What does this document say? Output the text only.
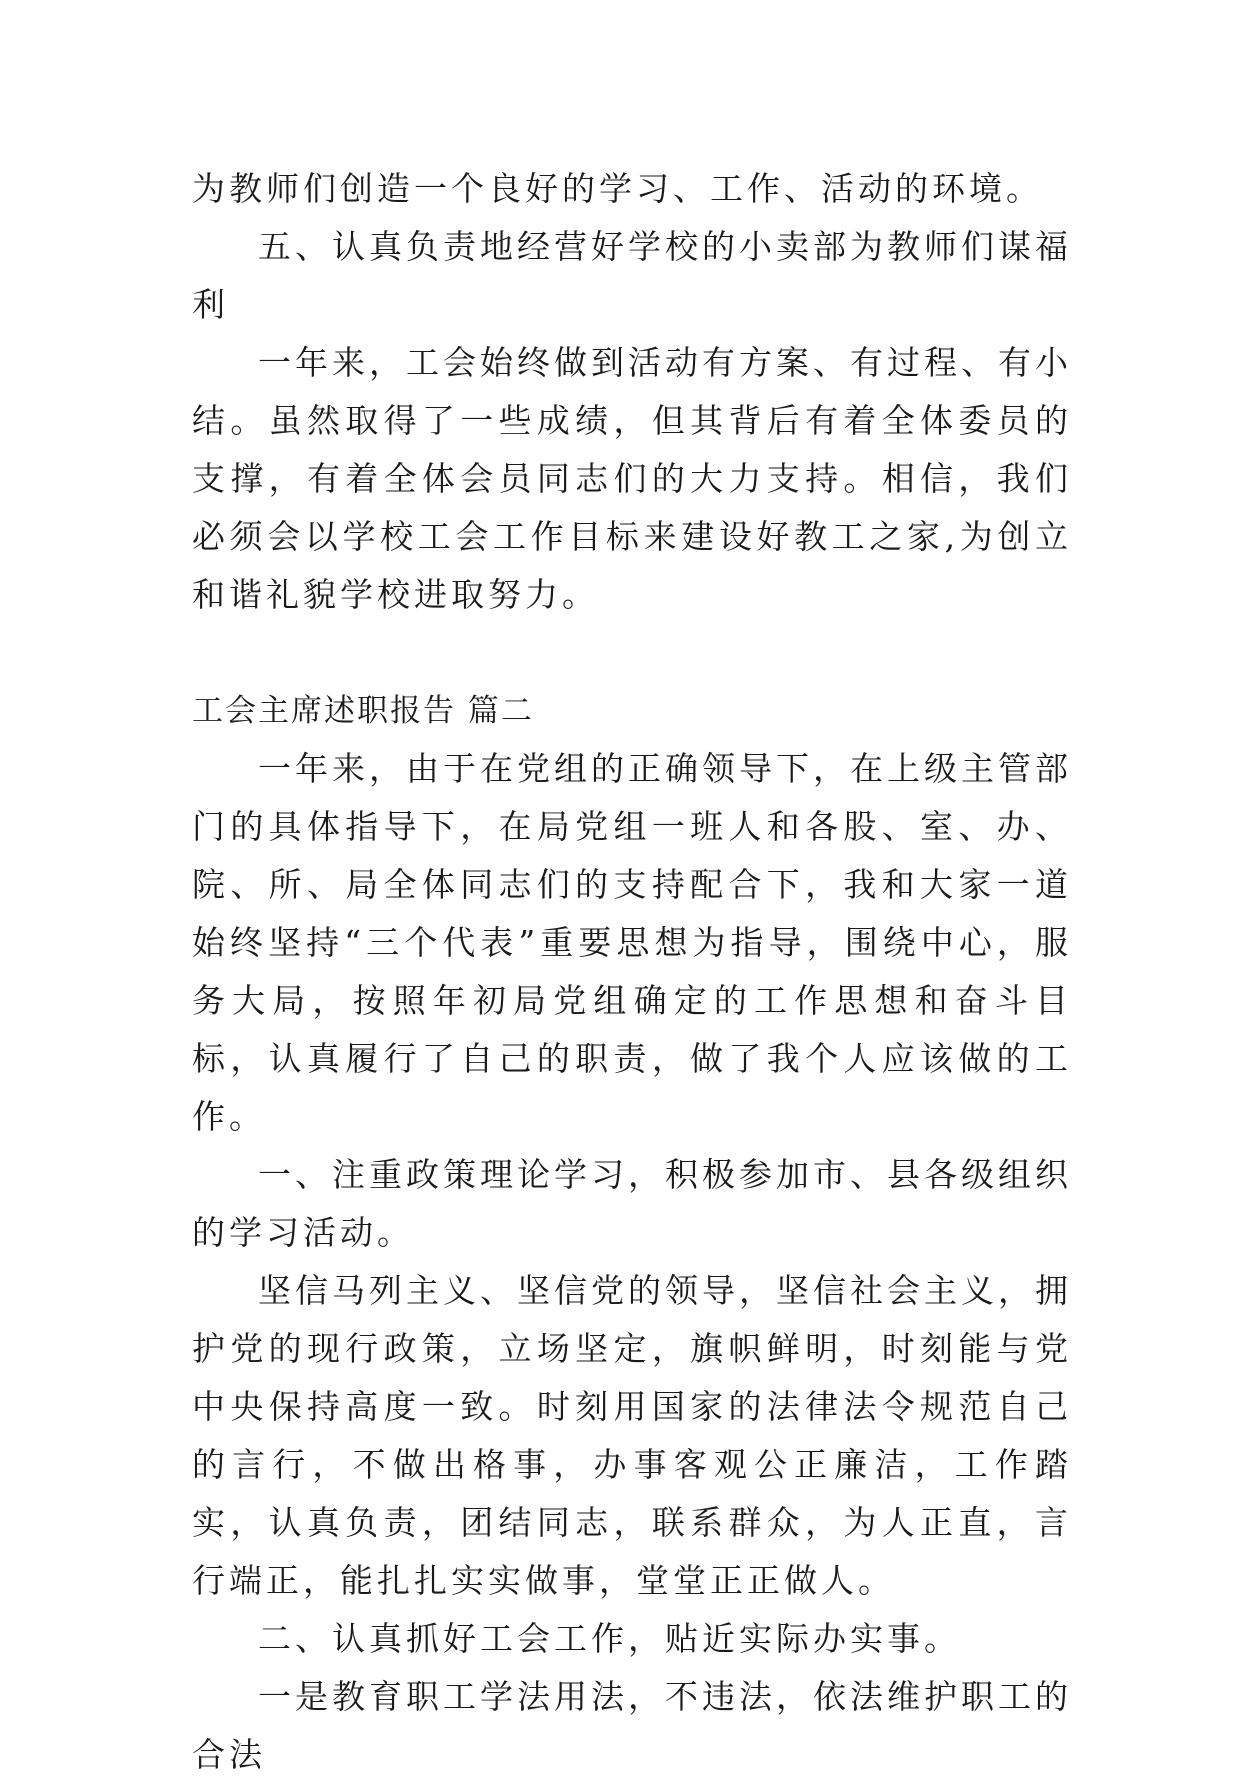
为教师们创造一个良好的学习、工作、活动的环境。

五、认真负责地经营好学校的小卖部为教师们谋福利

一年来，工会始终做到活动有方案、有过程、有小结。虽然取得了一些成绩，但其背后有着全体委员的支撑，有着全体会员同志们的大力支持。相信，我们必须会以学校工会工作目标来建设好教工之家,为创立和谐礼貌学校进取努力。

工会主席述职报告 篇二

一年来，由于在党组的正确领导下，在上级主管部门的具体指导下，在局党组一班人和各股、室、办、院、所、局全体同志们的支持配合下，我和大家一道始终坚持“三个代表”重要思想为指导，围绕中心，服务大局，按照年初局党组确定的工作思想和奋斗目标，认真履行了自己的职责，做了我个人应该做的工作。

一、注重政策理论学习，积极参加市、县各级组织的学习活动。

坚信马列主义、坚信党的领导，坚信社会主义，拥护党的现行政策，立场坚定，旗帜鲜明，时刻能与党中央保持高度一致。时刻用国家的法律法令规范自己的言行，不做出格事，办事客观公正廉洁，工作踏实，认真负责，团结同志，联系群众，为人正直，言行端正，能扎扎实实做事，堂堂正正做人。

二、认真抓好工会工作，贴近实际办实事。

一是教育职工学法用法，不违法，依法维护职工的合法
